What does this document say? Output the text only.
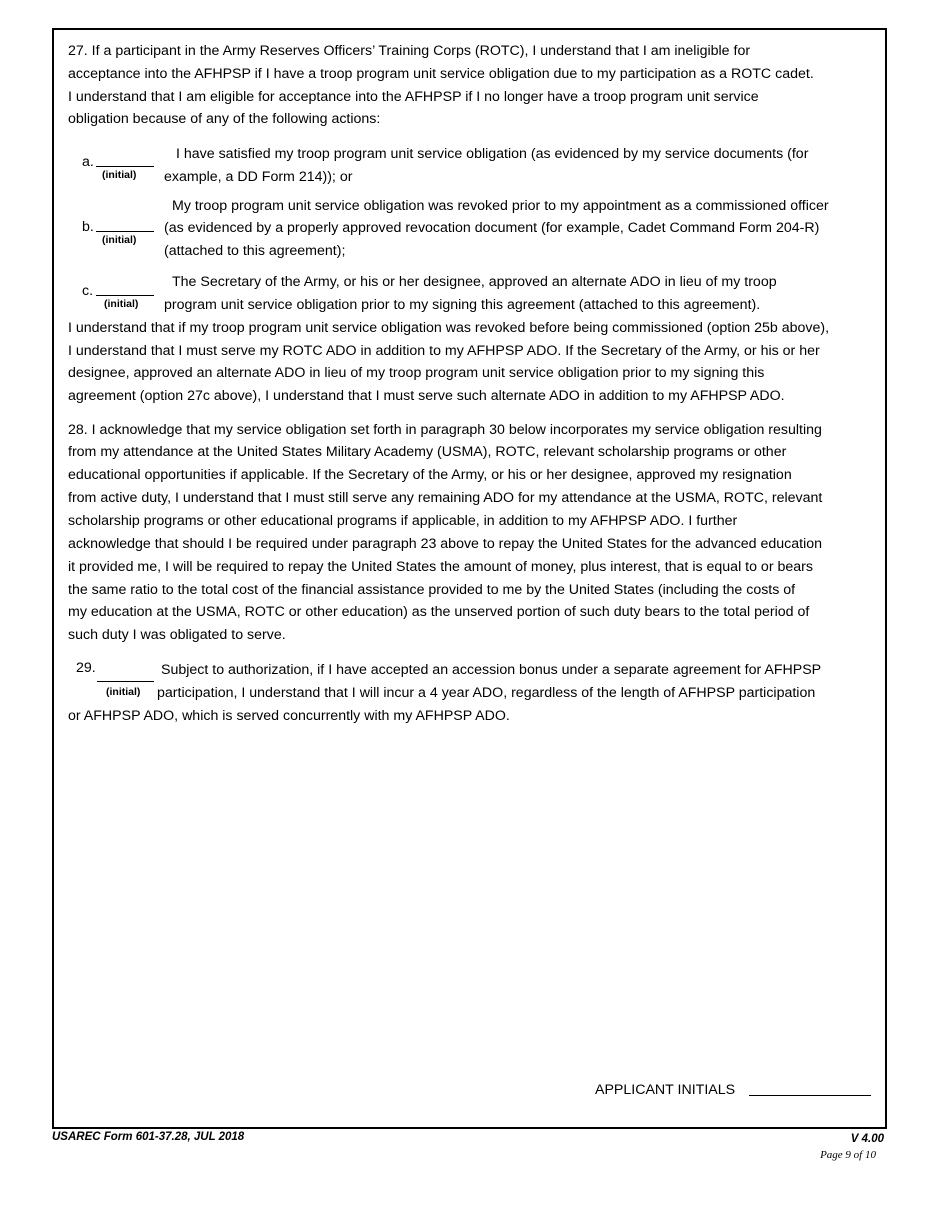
27. If a participant in the Army Reserves Officers’ Training Corps (ROTC), I understand that I am ineligible for
acceptance into the AFHPSP if I have a troop program unit service obligation due to my participation as a ROTC cadet.
I understand that I am eligible for acceptance into the AFHPSP if I no longer have a troop program unit service
obligation because of any of the following actions:
a.
(initial)
I have satisfied my troop program unit service obligation (as evidenced by my service documents (for
example, a DD Form 214)); or
b.
(initial)
My troop program unit service obligation was revoked prior to my appointment as a commissioned officer
(as evidenced by a properly approved revocation document (for example, Cadet Command Form 204-R)
(attached to this agreement);
c.
(initial)
The Secretary of the Army, or his or her designee, approved an alternate ADO in lieu of my troop
program unit service obligation prior to my signing this agreement (attached to this agreement).
I understand that if my troop program unit service obligation was revoked before being commissioned (option 25b above),
I understand that I must serve my ROTC ADO in addition to my AFHPSP ADO. If the Secretary of the Army, or his or her
designee, approved an alternate ADO in lieu of my troop program unit service obligation prior to my signing this
agreement (option 27c above), I understand that I must serve such alternate ADO in addition to my AFHPSP ADO.
28. I acknowledge that my service obligation set forth in paragraph 30 below incorporates my service obligation resulting
from my attendance at the United States Military Academy (USMA), ROTC, relevant scholarship programs or other
educational opportunities if applicable. If the Secretary of the Army, or his or her designee, approved my resignation
from active duty, I understand that I must still serve any remaining ADO for my attendance at the USMA, ROTC, relevant
scholarship programs or other educational programs if applicable, in addition to my AFHPSP ADO. I further
acknowledge that should I be required under paragraph 23 above to repay the United States for the advanced education
it provided me, I will be required to repay the United States the amount of money, plus interest, that is equal to or bears
the same ratio to the total cost of the financial assistance provided to me by the United States (including the costs of
my education at the USMA, ROTC or other education) as the unserved portion of such duty bears to the total period of
such duty I was obligated to serve.
29.
(initial)
Subject to authorization, if I have accepted an accession bonus under a separate agreement for AFHPSP
participation, I understand that I will incur a 4 year ADO, regardless of the length of AFHPSP participation
or AFHPSP ADO, which is served concurrently with my AFHPSP ADO.
APPLICANT INITIALS
USAREC Form 601-37.28, JUL 2018	V 4.00
Page 9 of 10
